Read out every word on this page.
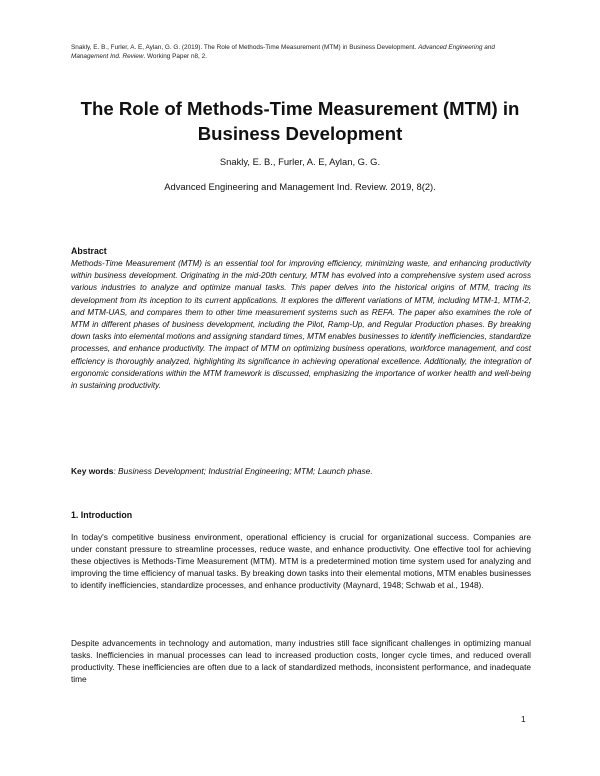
Snakly, E. B., Furler, A. E, Aylan, G. G. (2019). The Role of Methods-Time Measurement (MTM) in Business Development. Advanced Engineering and Management Ind. Review. Working Paper n8, 2.
The Role of Methods-Time Measurement (MTM) in Business Development
Snakly, E. B., Furler, A. E, Aylan, G. G.
Advanced Engineering and Management Ind. Review. 2019, 8(2).
Abstract
Methods-Time Measurement (MTM) is an essential tool for improving efficiency, minimizing waste, and enhancing productivity within business development. Originating in the mid-20th century, MTM has evolved into a comprehensive system used across various industries to analyze and optimize manual tasks. This paper delves into the historical origins of MTM, tracing its development from its inception to its current applications. It explores the different variations of MTM, including MTM-1, MTM-2, and MTM-UAS, and compares them to other time measurement systems such as REFA. The paper also examines the role of MTM in different phases of business development, including the Pilot, Ramp-Up, and Regular Production phases. By breaking down tasks into elemental motions and assigning standard times, MTM enables businesses to identify inefficiencies, standardize processes, and enhance productivity. The impact of MTM on optimizing business operations, workforce management, and cost efficiency is thoroughly analyzed, highlighting its significance in achieving operational excellence. Additionally, the integration of ergonomic considerations within the MTM framework is discussed, emphasizing the importance of worker health and well-being in sustaining productivity.
Key words: Business Development; Industrial Engineering; MTM; Launch phase.
1. Introduction
In today's competitive business environment, operational efficiency is crucial for organizational success. Companies are under constant pressure to streamline processes, reduce waste, and enhance productivity. One effective tool for achieving these objectives is Methods-Time Measurement (MTM). MTM is a predetermined motion time system used for analyzing and improving the time efficiency of manual tasks. By breaking down tasks into their elemental motions, MTM enables businesses to identify inefficiencies, standardize processes, and enhance productivity (Maynard, 1948; Schwab et al., 1948).
Despite advancements in technology and automation, many industries still face significant challenges in optimizing manual tasks. Inefficiencies in manual processes can lead to increased production costs, longer cycle times, and reduced overall productivity. These inefficiencies are often due to a lack of standardized methods, inconsistent performance, and inadequate time
1
